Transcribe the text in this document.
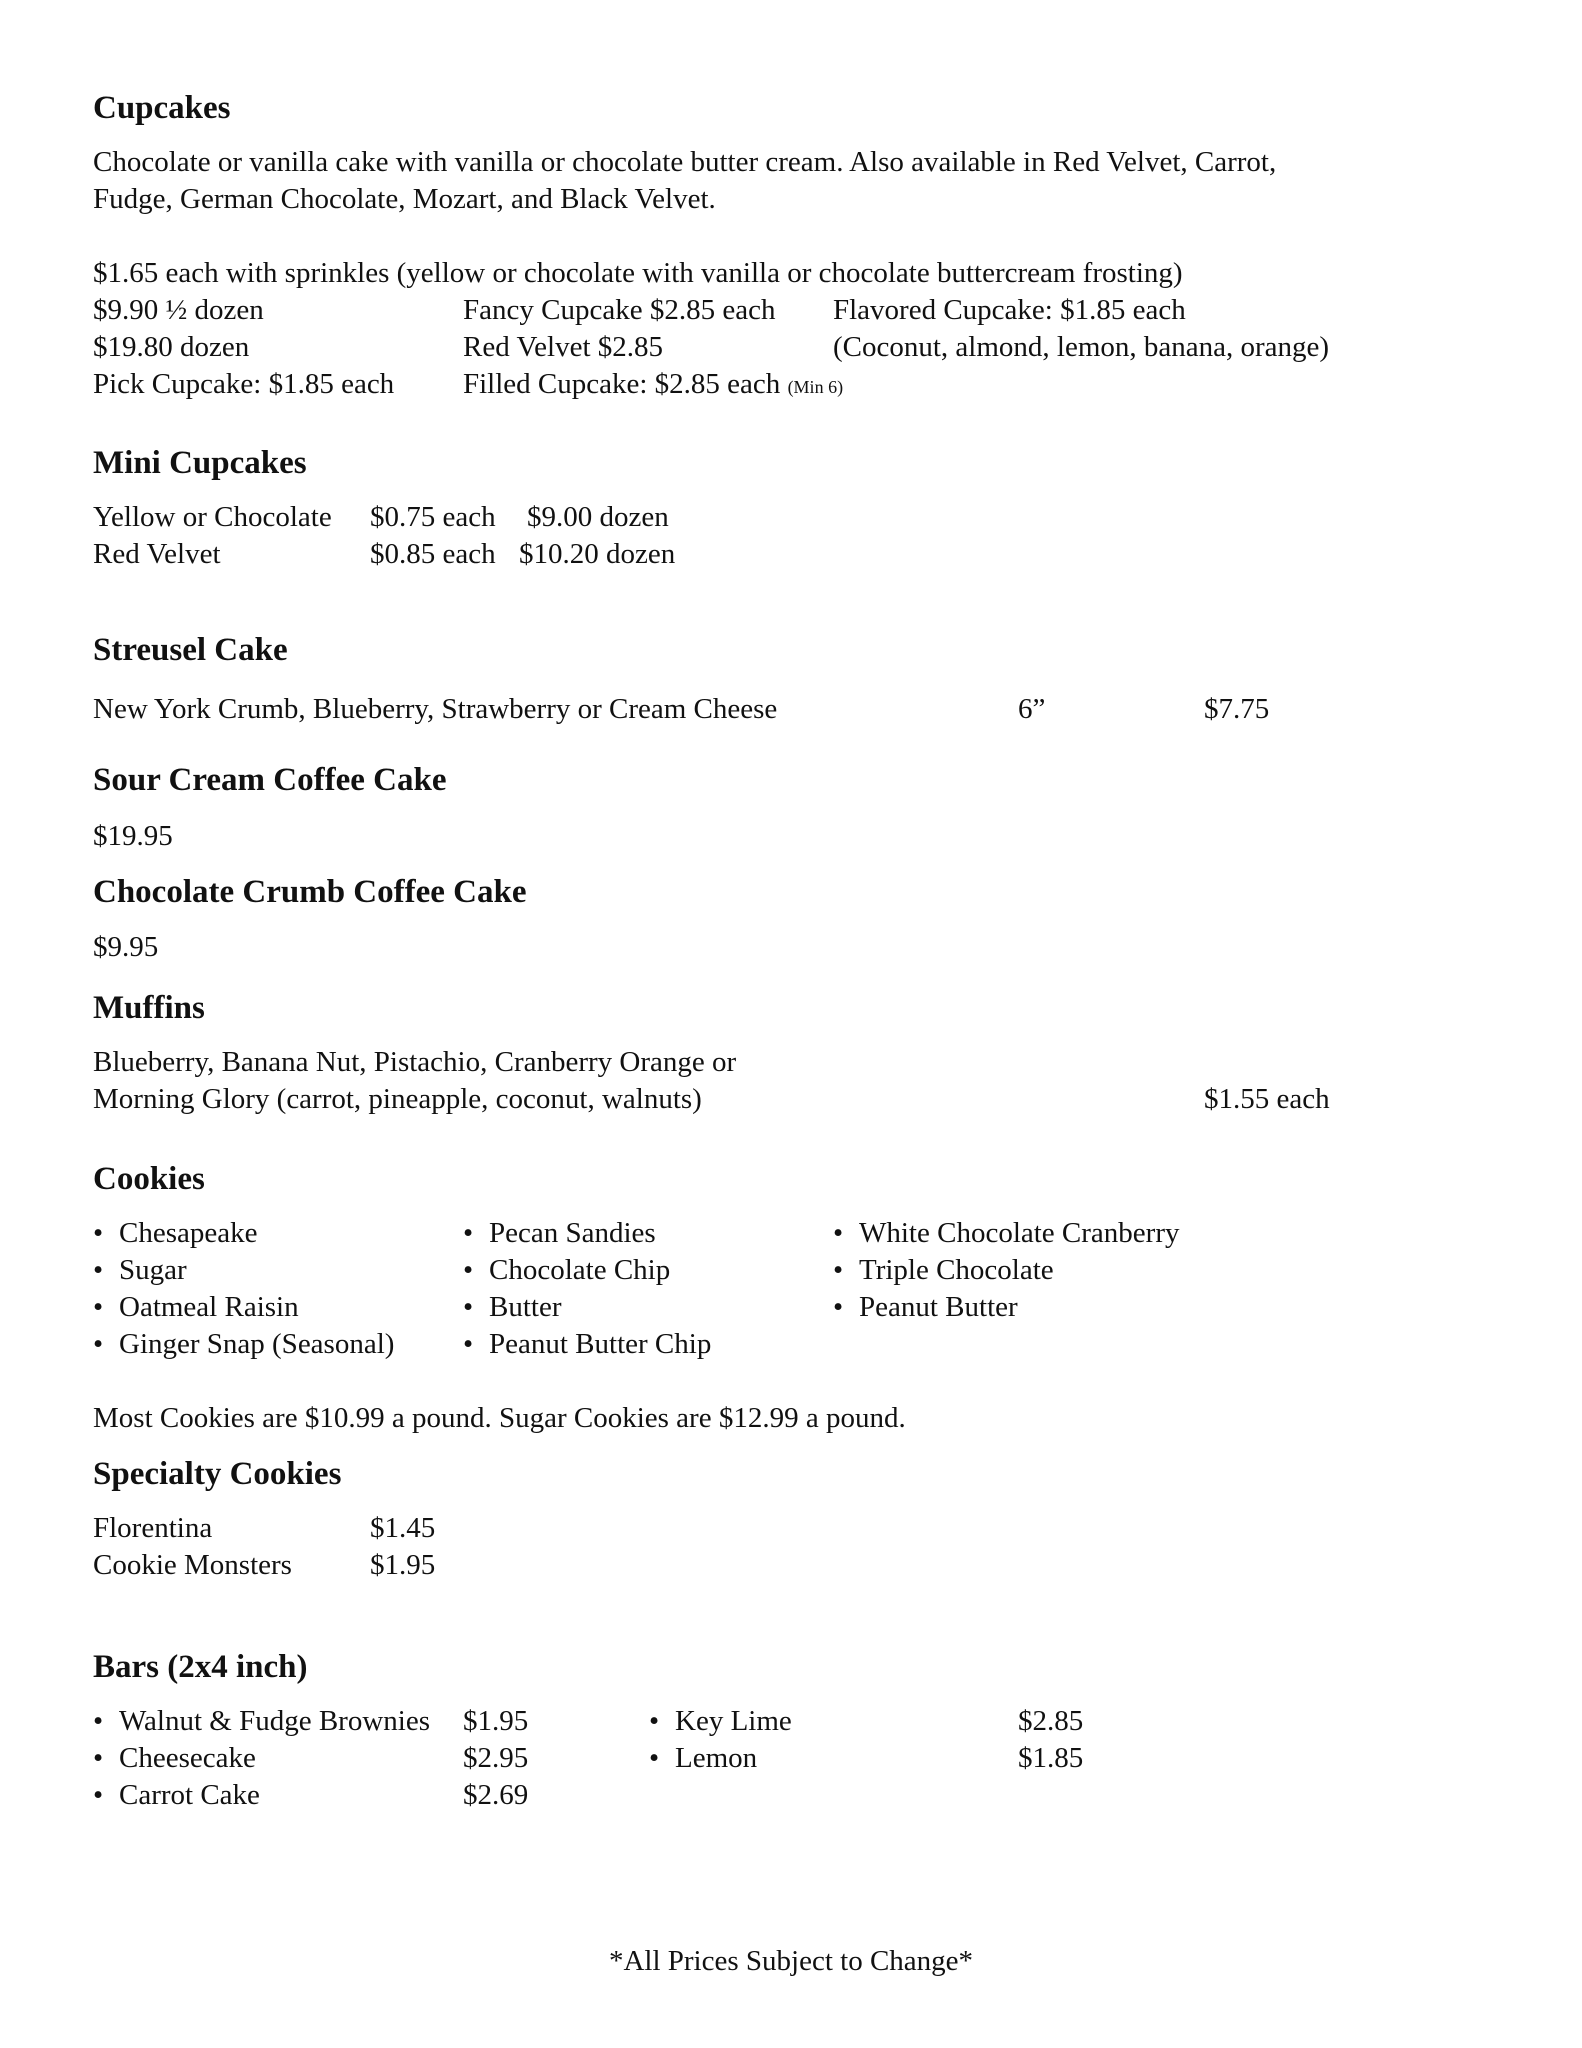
Cupcakes
Chocolate or vanilla cake with vanilla or chocolate butter cream. Also available in Red Velvet, Carrot,
Fudge, German Chocolate, Mozart, and Black Velvet.
$1.65 each with sprinkles (yellow or chocolate with vanilla or chocolate buttercream frosting)
$9.90 ½ dozen	Fancy Cupcake $2.85 each Flavored Cupcake: $1.85 each
$19.80 dozen	Red Velvet $2.85	(Coconut, almond, lemon, banana, orange)
Pick Cupcake: $1.85 each Filled Cupcake: $2.85 each (Min 6)
Mini Cupcakes
Yellow or Chocolate $0.75 each $9.00 dozen
Red Velvet	$0.85 each $10.20 dozen
Streusel Cake
New York Crumb, Blueberry, Strawberry or Cream Cheese	6”	$7.75
Sour Cream Coffee Cake
$19.95
Chocolate Crumb Coffee Cake
$9.95
Muffins
Blueberry, Banana Nut, Pistachio, Cranberry Orange or
Morning Glory (carrot, pineapple, coconut, walnuts)	$1.55 each
Cookies
• Chesapeake
• Sugar
• Oatmeal Raisin
• Ginger Snap (Seasonal)
• Pecan Sandies
• Chocolate Chip
• Butter
• Peanut Butter Chip
• White Chocolate Cranberry
• Triple Chocolate
• Peanut Butter
Most Cookies are $10.99 a pound. Sugar Cookies are $12.99 a pound.
Specialty Cookies
Florentina	$1.45
Cookie Monsters	$1.95
Bars (2x4 inch)
• Walnut & Fudge Brownies $1.95
• Cheesecake	$2.95
• Carrot Cake	$2.69
• Key Lime	$2.85
• Lemon	$1.85
*All Prices Subject to Change*
